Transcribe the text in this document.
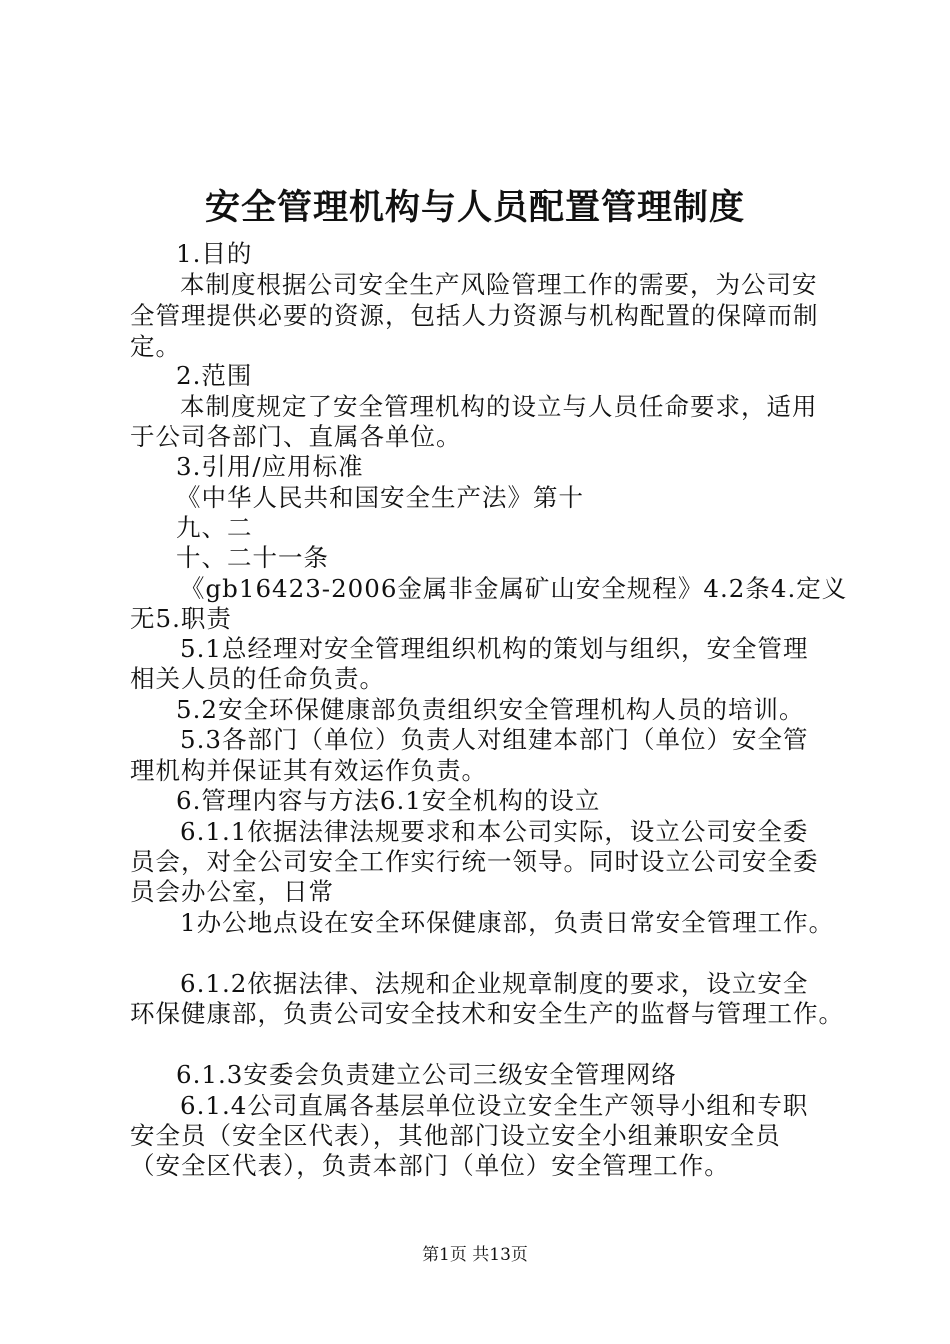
安全管理机构与人员配置管理制度
1.目的
本制度根据公司安全生产风险管理工作的需要，为公司安
全管理提供必要的资源，包括人力资源与机构配置的保障而制
定。
2.范围
本制度规定了安全管理机构的设立与人员任命要求，适用
于公司各部门、直属各单位。
3.引用/应用标准
《中华人民共和国安全生产法》第十
九、二
十、二十一条
《gb16423-2006金属非金属矿山安全规程》4.2条4.定义
无5.职责
5.1总经理对安全管理组织机构的策划与组织，安全管理
相关人员的任命负责。
5.2安全环保健康部负责组织安全管理机构人员的培训。
5.3各部门（单位）负责人对组建本部门（单位）安全管
理机构并保证其有效运作负责。
6.管理内容与方法6.1安全机构的设立
6.1.1依据法律法规要求和本公司实际，设立公司安全委
员会，对全公司安全工作实行统一领导。同时设立公司安全委
员会办公室，日常
1办公地点设在安全环保健康部，负责日常安全管理工作。
6.1.2依据法律、法规和企业规章制度的要求，设立安全
环保健康部，负责公司安全技术和安全生产的监督与管理工作。
6.1.3安委会负责建立公司三级安全管理网络
6.1.4公司直属各基层单位设立安全生产领导小组和专职
安全员（安全区代表），其他部门设立安全小组兼职安全员
（安全区代表），负责本部门（单位）安全管理工作。
第1页 共13页
